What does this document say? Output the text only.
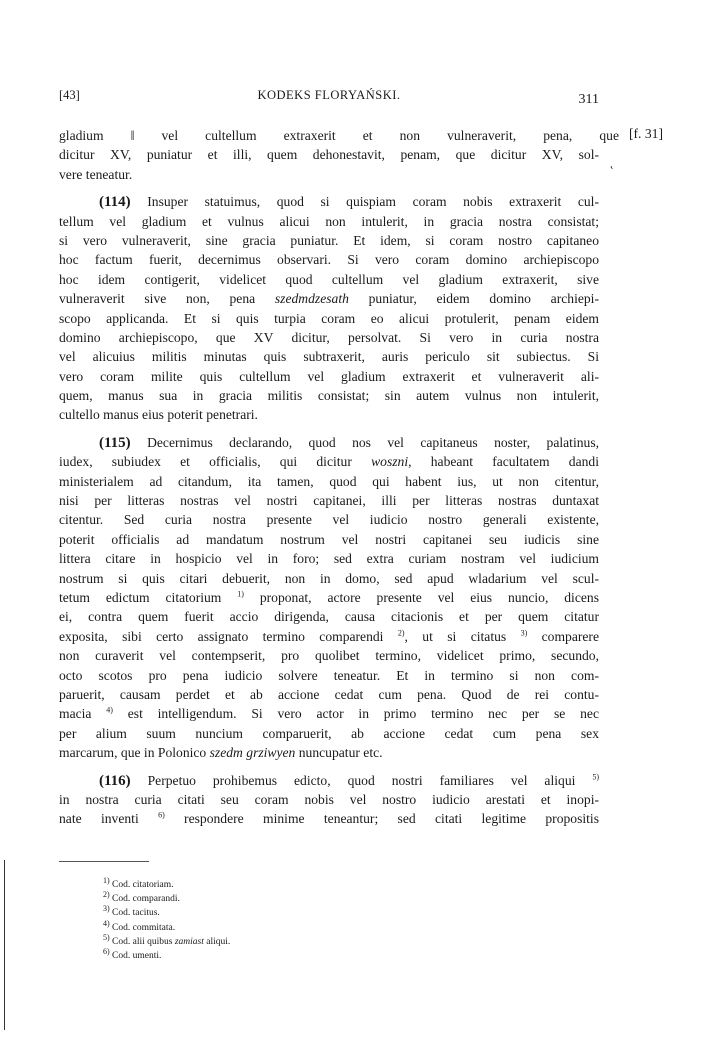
[43]	KODEKS FLORYAŃSKI.	311
[f. 31]
˛
gladium ‖ vel cultellum extraxerit et non vulneraverit, pena, que
dicitur XV, puniatur et illi, quem dehonestavit, penam, que dicitur XV, sol-
vere teneatur.
(114) Insuper statuimus, quod si quispiam coram nobis extraxerit cul-
tellum vel gladium et vulnus alicui non intulerit, in gracia nostra consistat;
si vero vulneraverit, sine gracia puniatur. Et idem, si coram nostro capitaneo
hoc factum fuerit, decernimus observari. Si vero coram domino archiepiscopo
hoc idem contigerit, videlicet quod cultellum vel gladium extraxerit, sive
vulneraverit sive non, pena szedmdzesath puniatur, eidem domino archiepi-
scopo applicanda. Et si quis turpia coram eo alicui protulerit, penam eidem
domino archiepiscopo, que XV dicitur, persolvat. Si vero in curia nostra
vel alicuius militis minutas quis subtraxerit, auris periculo sit subiectus. Si
vero coram milite quis cultellum vel gladium extraxerit et vulneraverit ali-
quem, manus sua in gracia militis consistat; sin autem vulnus non intulerit,
cultello manus eius poterit penetrari.
(115) Decernimus declarando, quod nos vel capitaneus noster, palatinus,
iudex, subiudex et officialis, qui dicitur woszni, habeant facultatem dandi
ministerialem ad citandum, ita tamen, quod qui habent ius, ut non citentur,
nisi per litteras nostras vel nostri capitanei, illi per litteras nostras duntaxat
citentur. Sed curia nostra presente vel iudicio nostro generali existente,
poterit officialis ad mandatum nostrum vel nostri capitanei seu iudicis sine
littera citare in hospicio vel in foro; sed extra curiam nostram vel iudicium
nostrum si quis citari debuerit, non in domo, sed apud wladarium vel scul-
tetum edictum citatorium $^{1)}$ proponat, actore presente vel eius nuncio, dicens
ei, contra quem fuerit accio dirigenda, causa citacionis et per quem citatur
exposita, sibi certo assignato termino comparendi $^{2)}$, ut si citatus $^{3)}$ comparere
non curaverit vel contempserit, pro quolibet termino, videlicet primo, secundo,
octo scotos pro pena iudicio solvere teneatur. Et in termino si non com-
paruerit, causam perdet et ab accione cedat cum pena. Quod de rei contu-
macia $^{4)}$ est intelligendum. Si vero actor in primo termino nec per se nec
per alium suum nuncium comparuerit, ab accione cedat cum pena sex
marcarum, que in Polonico szedm grziwyen nuncupatur etc.
(116) Perpetuo prohibemus edicto, quod nostri familiares vel aliqui $^{5)}$
in nostra curia citati seu coram nobis vel nostro iudicio arestati et inopi-
nate inventi $^{6)}$ respondere minime teneantur; sed citati legitime propositis
$^{1)}$ Cod. citatoriam.
$^{2)}$ Cod. comparandi.
$^{3)}$ Cod. tacitus.
$^{4)}$ Cod. commitata.
$^{5)}$ Cod. alii quibus zamiast aliqui.
$^{6)}$ Cod. umenti.
